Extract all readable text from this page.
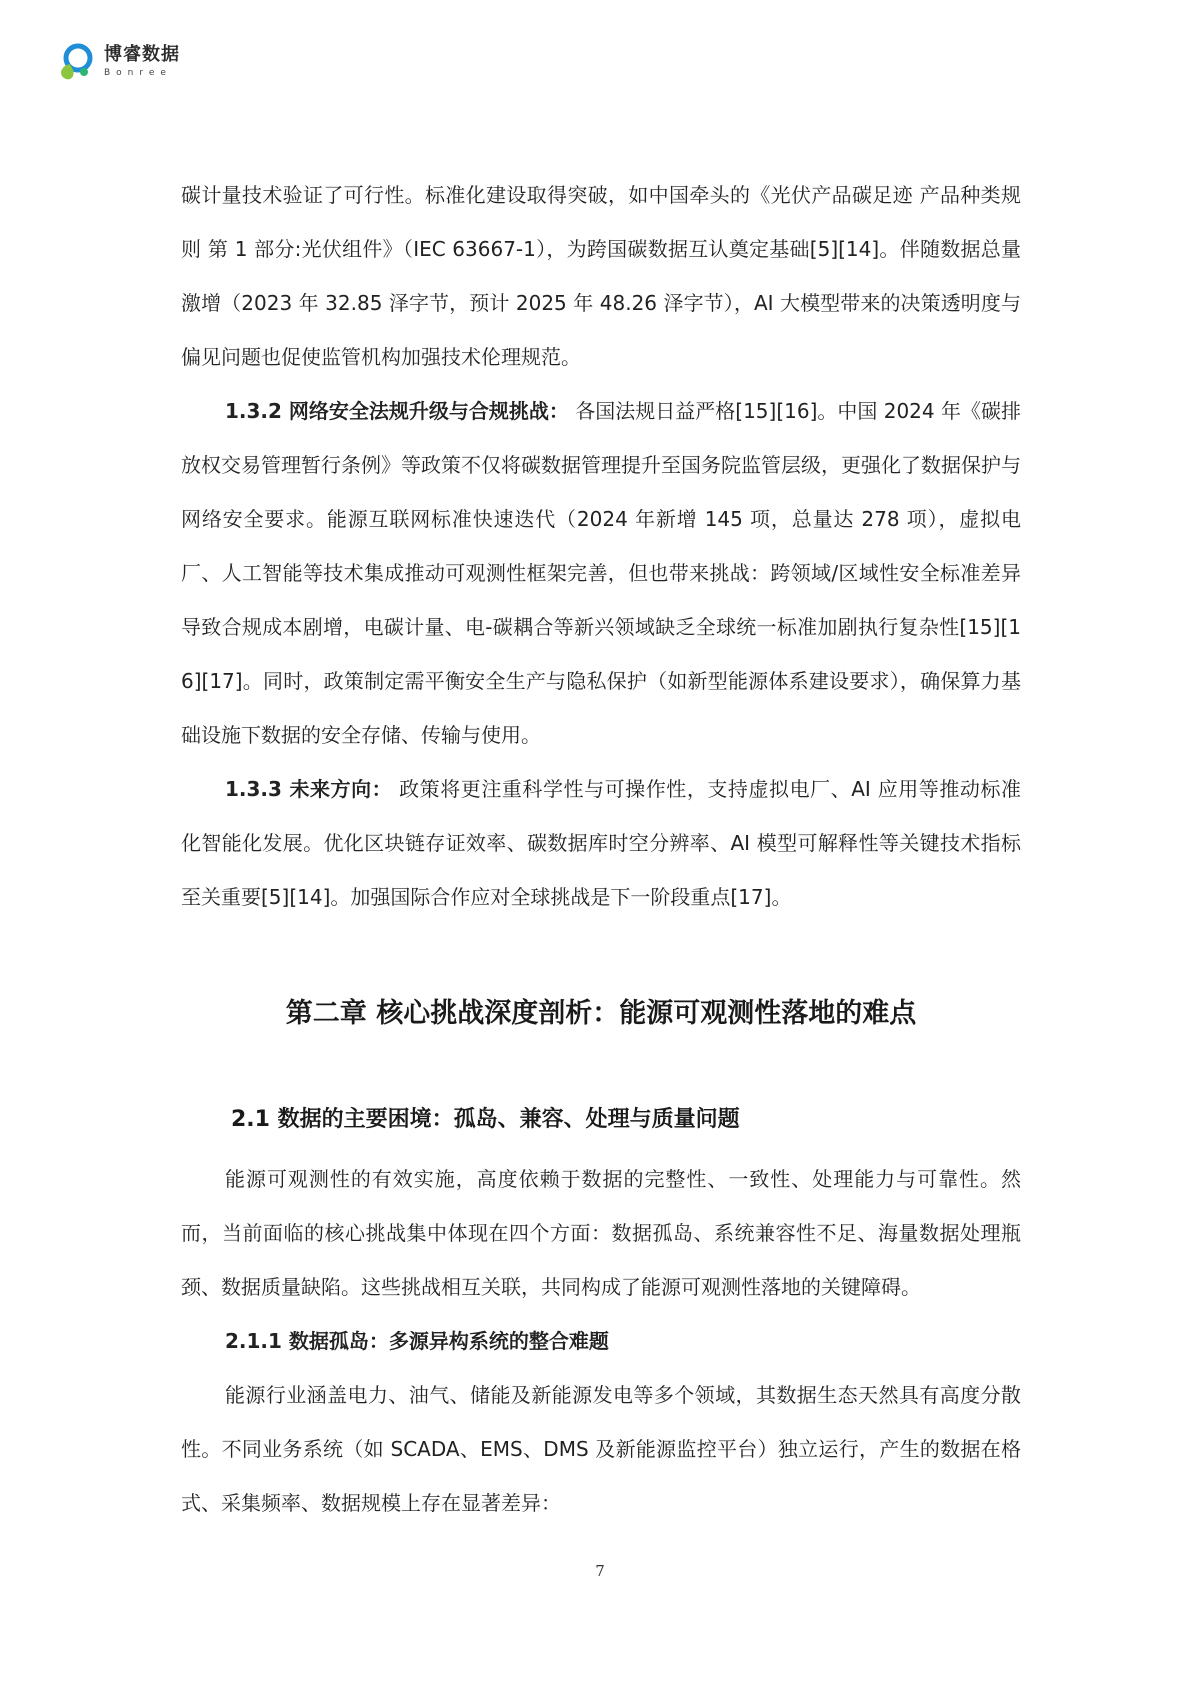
博睿数据
Bonree

碳计量技术验证了可行性。标准化建设取得突破，如中国牵头的《光伏产品碳足迹 产品种类规则 第 1 部分:光伏组件》（IEC 63667-1），为跨国碳数据互认奠定基础[5][14]。伴随数据总量激增（2023 年 32.85 泽字节，预计 2025 年 48.26 泽字节），AI 大模型带来的决策透明度与偏见问题也促使监管机构加强技术伦理规范。

1.3.2 网络安全法规升级与合规挑战： 各国法规日益严格[15][16]。中国 2024 年《碳排放权交易管理暂行条例》等政策不仅将碳数据管理提升至国务院监管层级，更强化了数据保护与网络安全要求。能源互联网标准快速迭代（2024 年新增 145 项，总量达 278 项），虚拟电厂、人工智能等技术集成推动可观测性框架完善，但也带来挑战：跨领域/区域性安全标准差异导致合规成本剧增，电碳计量、电-碳耦合等新兴领域缺乏全球统一标准加剧执行复杂性[15][16][17]。同时，政策制定需平衡安全生产与隐私保护（如新型能源体系建设要求），确保算力基础设施下数据的安全存储、传输与使用。

1.3.3 未来方向： 政策将更注重科学性与可操作性，支持虚拟电厂、AI 应用等推动标准化智能化发展。优化区块链存证效率、碳数据库时空分辨率、AI 模型可解释性等关键技术指标至关重要[5][14]。加强国际合作应对全球挑战是下一阶段重点[17]。

第二章 核心挑战深度剖析：能源可观测性落地的难点
2.1 数据的主要困境：孤岛、兼容、处理与质量问题

能源可观测性的有效实施，高度依赖于数据的完整性、一致性、处理能力与可靠性。然而，当前面临的核心挑战集中体现在四个方面：数据孤岛、系统兼容性不足、海量数据处理瓶颈、数据质量缺陷。这些挑战相互关联，共同构成了能源可观测性落地的关键障碍。

2.1.1 数据孤岛：多源异构系统的整合难题

能源行业涵盖电力、油气、储能及新能源发电等多个领域，其数据生态天然具有高度分散性。不同业务系统（如 SCADA、EMS、DMS 及新能源监控平台）独立运行，产生的数据在格式、采集频率、数据规模上存在显著差异：

7
